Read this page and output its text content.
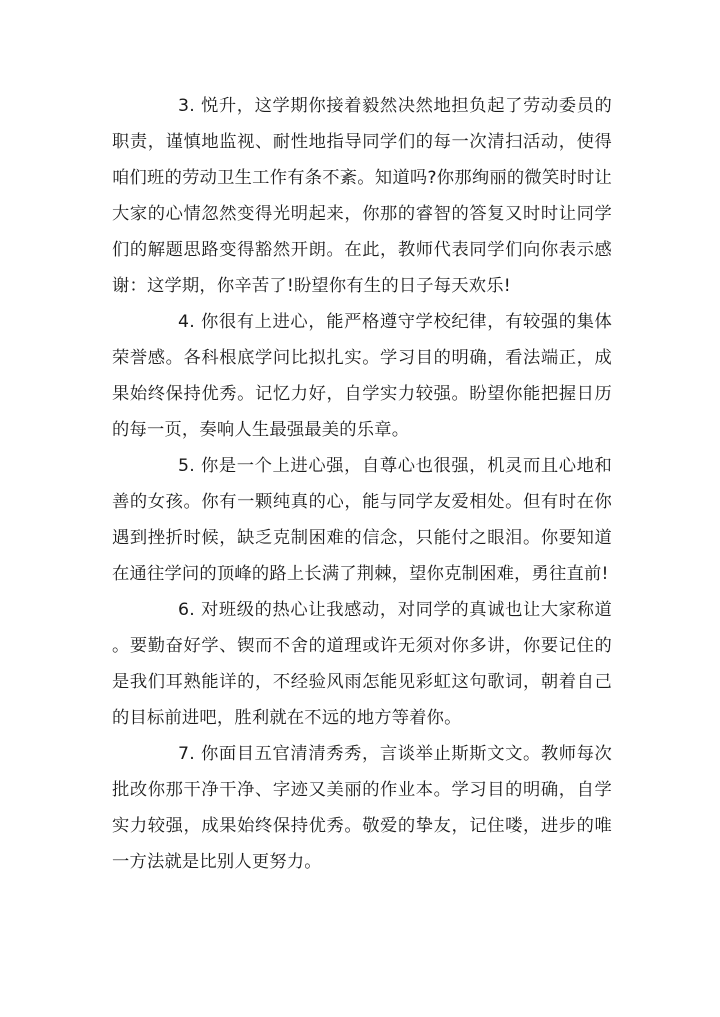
3. 悦升，这学期你接着毅然决然地担负起了劳动委员的职责，谨慎地监视、耐性地指导同学们的每一次清扫活动，使得咱们班的劳动卫生工作有条不紊。知道吗?你那绚丽的微笑时时让大家的心情忽然变得光明起来，你那的睿智的答复又时时让同学们的解题思路变得豁然开朗。在此，教师代表同学们向你表示感谢：这学期，你辛苦了!盼望你有生的日子每天欢乐!

4. 你很有上进心，能严格遵守学校纪律，有较强的集体荣誉感。各科根底学问比拟扎实。学习目的明确，看法端正，成果始终保持优秀。记忆力好，自学实力较强。盼望你能把握日历的每一页，奏响人生最强最美的乐章。

5. 你是一个上进心强，自尊心也很强，机灵而且心地和善的女孩。你有一颗纯真的心，能与同学友爱相处。但有时在你遇到挫折时候，缺乏克制困难的信念，只能付之眼泪。你要知道在通往学问的顶峰的路上长满了荆棘，望你克制困难，勇往直前!

6. 对班级的热心让我感动，对同学的真诚也让大家称道。要勤奋好学、锲而不舍的道理或许无须对你多讲，你要记住的是我们耳熟能详的，不经验风雨怎能见彩虹这句歌词，朝着自己的目标前进吧，胜利就在不远的地方等着你。

7. 你面目五官清清秀秀，言谈举止斯斯文文。教师每次批改你那干净干净、字迹又美丽的作业本。学习目的明确，自学实力较强，成果始终保持优秀。敬爱的挚友，记住喽，进步的唯一方法就是比别人更努力。
